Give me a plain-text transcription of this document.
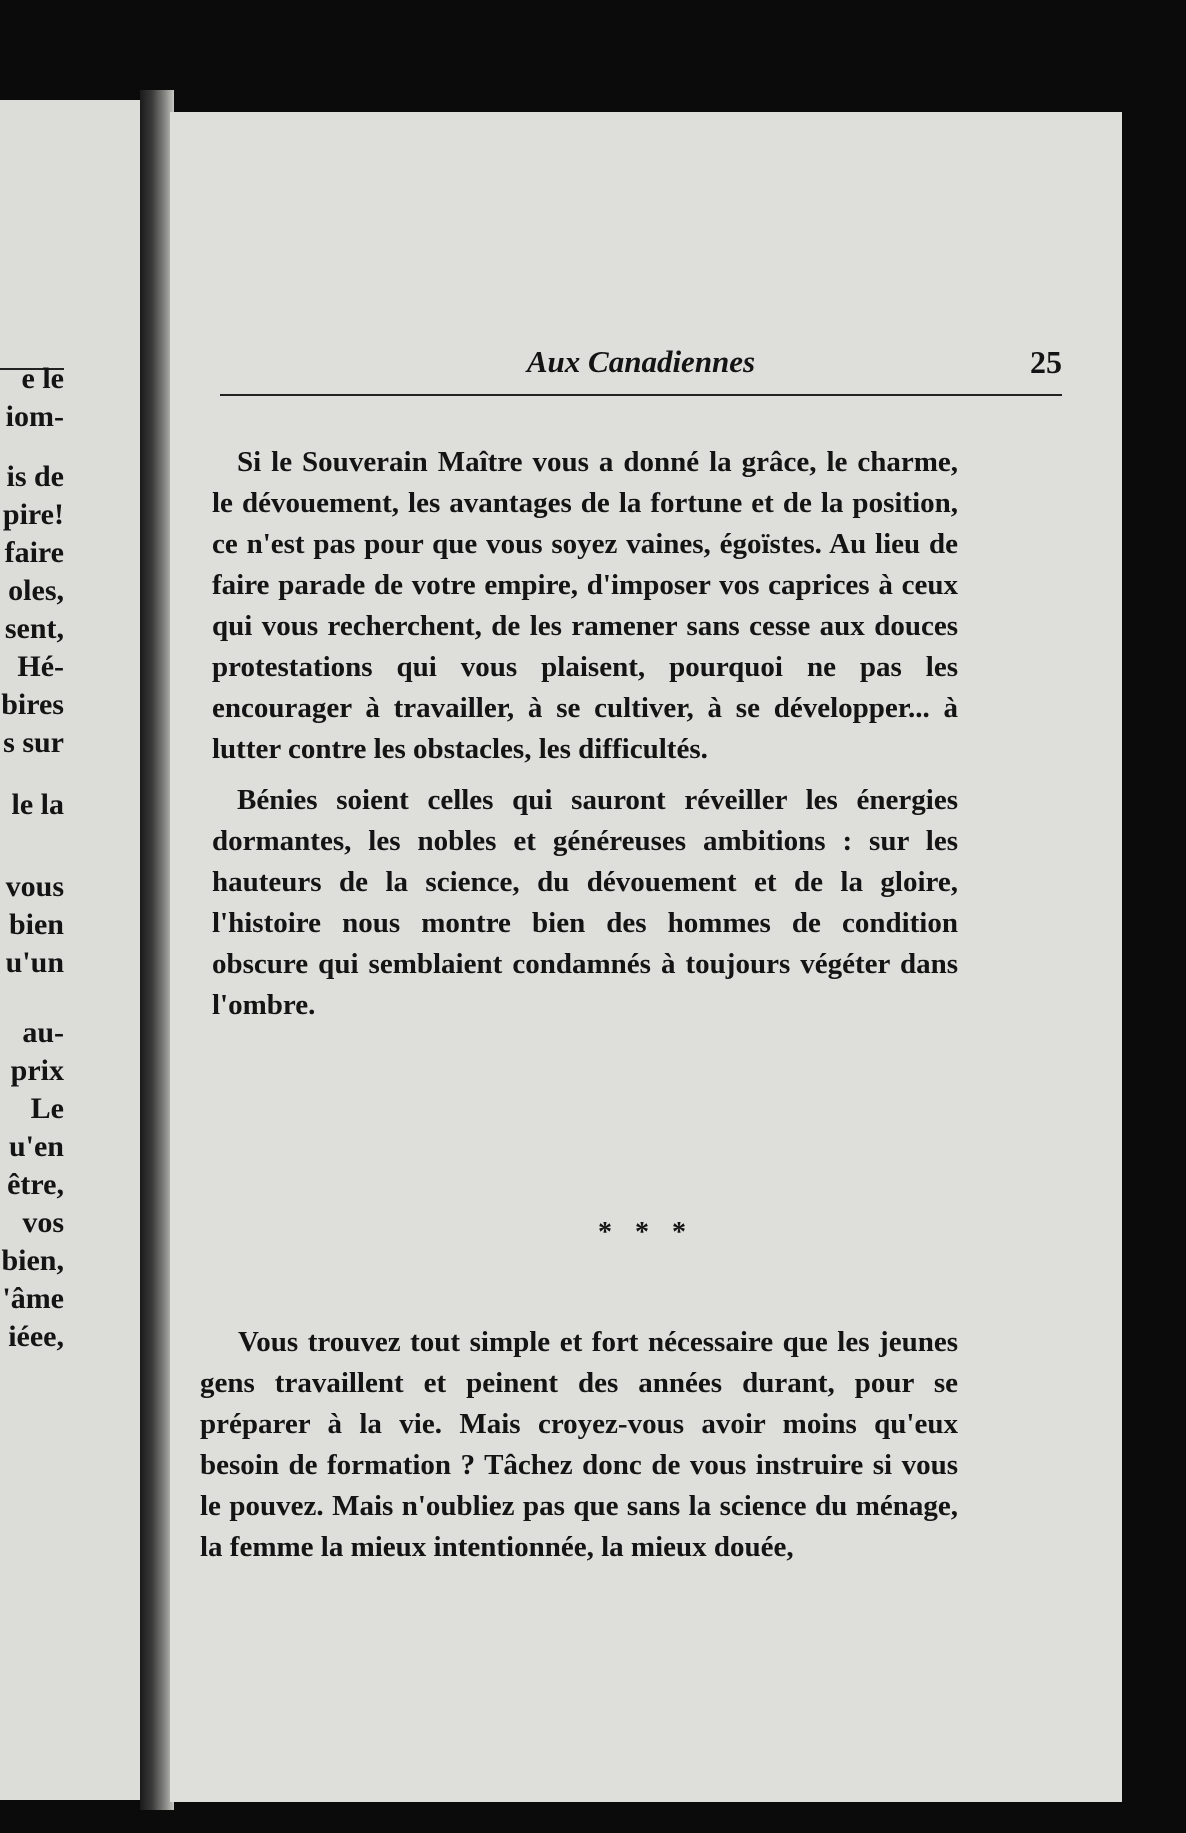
e le
iom-
is de
pire!
faire
oles,
sent,
Hé-
bires
s sur
le la
vous
bien
u'un
au-
prix
Le
u'en
être,
vos
bien,
'âme
iéee,
Aux Canadiennes	25

Si le Souverain Maître vous a donné la grâce, le charme, le dévouement, les avantages de la fortune et de la position, ce n'est pas pour que vous soyez vaines, égoïstes. Au lieu de faire parade de votre empire, d'imposer vos caprices à ceux qui vous recherchent, de les ramener sans cesse aux douces protestations qui vous plaisent, pourquoi ne pas les encourager à travailler, à se cultiver, à se développer... à lutter contre les obstacles, les difficultés.

Bénies soient celles qui sauront réveiller les énergies dormantes, les nobles et généreuses ambitions : sur les hauteurs de la science, du dévouement et de la gloire, l'histoire nous montre bien des hommes de condition obscure qui semblaient condamnés à toujours végéter dans l'ombre.

* * *

Vous trouvez tout simple et fort nécessaire que les jeunes gens travaillent et peinent des années durant, pour se préparer à la vie. Mais croyez-vous avoir moins qu'eux besoin de formation ? Tâchez donc de vous instruire si vous le pouvez. Mais n'oubliez pas que sans la science du ménage, la femme la mieux intentionnée, la mieux douée,
